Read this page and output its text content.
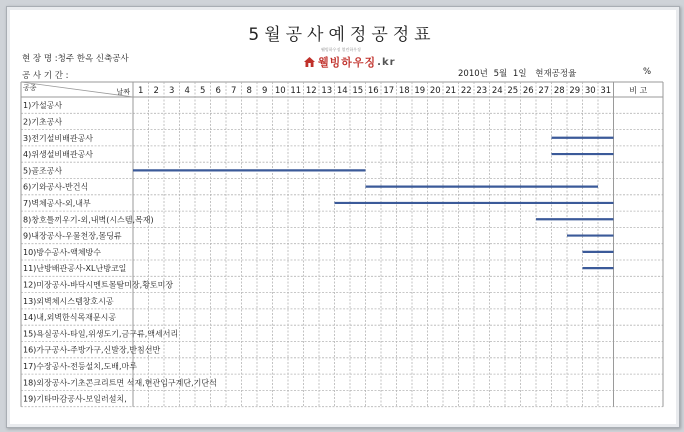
5월공사예정공정표
현 장 명 :청주 한옥 신축공사
공 사 기 간 :
웰빙하우징 열린하우징
웰빙하우징 .kr
2010년 5월 1일 현재공정율	%
공종	날짜 1 2 3 4 5 6 7 8 9 10 11 12 13 14 15 16 17 18 19 20 21 22 23 24 25 26 27 28 29 30 31 비 고
1)가설공사
2)기초공사
3)전기설비배관공사
4)위생설비배관공사
5)골조공사
6)기와공사-반건식
7)벽체공사-외,내부
8)창호틀끼우기-외,내벽(시스템,목재)
9)내장공사-우물천장,몰딩류
10)방수공사-액체방수
11)난방배관공사-XL난방코일
12)미장공사-바닥시멘트몰탈미장,황토미장
13)외벽체시스템창호시공
14)내,외벽한식목재문시공
15)욕실공사-타일,위생도기,금구류,액세서리
16)가구공사-주방가구,신발장,반침선반
17)수장공사-전등설치,도배,마루
18)외장공사-기초콘크리트면 석재,현관입구계단,기단석
19)기타마감공사-보일러설치,
